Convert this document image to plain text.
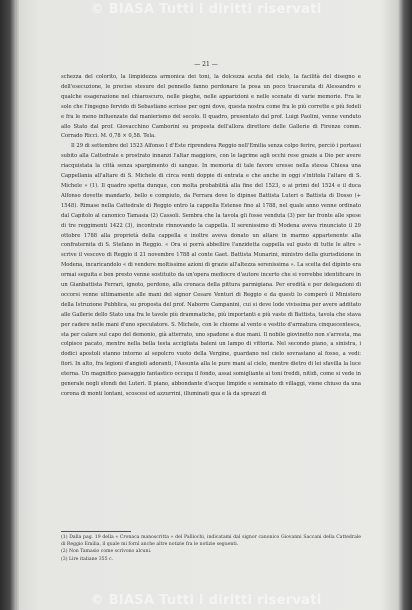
© BIASA Tutti i diritti riservati
— 21 —

schezza del colorito, la limpidezza armonica dei toni, la dolcezza acuta del cielo, la facilità del disegno e dell'esecuzione, le precise stesure del pennello fanno perdonare la posa un poco trascurata di Alessandro e qualche esagerazione nel chiaroscuro, nelle pieghe, nelle apparizioni e nelle scenate di varie memorie. Fra le sole che l'ingegno fervido di Sebastiano scrisse per ogni dove, questa nostra come fra le più corrette e più fedeli e fra le meno influenzate dal manierismo del secolo. Il quadro, presentato dal prof. Luigi Paolini, venne venduto allo Stato dal prof. Giovacchino Camborini su proposta dell'allora direttore delle Gallerie di Firenze comm. Corrado Ricci. M. 0,78 × 0,58. Tela.

Il 29 di settembre del 1523 Alfonso I d'Este riprendeva Reggio nell'Emilia senza colpo ferire, perciò i portassi subito alla Cattedrale e prostrato innanzi l'altar maggiore, con le lagrime agli occhi rese grazie a Dio per avere riacquistata la città senza spargimento di sangue. In memoria di tale favore eresse nella stessa Chiesa una Cappellania all'altare di S. Michele di circa venti doppie di entrata e che anche in oggi s'intitola l'altare di S. Michele » (1). Il quadro spetta dunque, con molta probabilità alla fine del 1523, o ai primi del 1524 e il duca Alfonso dovette mandarlo, bello e compiuto, da Ferrara dove lo dipinse Battista Luteri o Battista di Dosso (+ 1548). Rimase nella Cattedrale di Reggio entro la cappella Estense fino al 1788, nel quale anno venne ordinato dal Capitolo al canonico Tamasia (2) Cassoli. Sembra che la tavola gli fosse venduta (3) per far fronte alle spese di tre reggimenti 1422 (3), incontrate rinnovando la cappella. Il serenissimo di Modena aveva rinunciato il 29 ottobre 1788 alla proprietà della cappella e inoltre aveva donato un altare in marmo appartenente alla confraternita di S. Stefano in Reggio. « Ora si porrà abbellire l'anzidetta cappella sul gusto di tutte le altre » scrive il vescovo di Reggio il 21 novembre 1788 al conte Gaet. Battista Munarini, ministro della giurisdizione in Modena, incaricandolo « di vendere moltissime azioni di grazie all'altezza serenissima ». La scelta del dipinto era ormai seguita e ben presto venne sostituito da un'opera mediocre d'autore incerto che si vorrebbe identificare in un Gianbattista Ferrari, ignoto, perdono, alla cronaca della pittura parmigiana. Per eredità e per delegazioni di occorsi venne ultimamente alle mani del signor Cesare Venturi di Reggio e da questi lo comperò il Ministero della Istruzione Pubblica, su proposta del prof. Naborre Campanini, cui si deve lode vivissima per avere additato alle Gallerie dello Stato una fra le tavole più drammatiche, più importanti e più vaste di Battista, tavola che stava per cadere nelle mani d'uno speculatore. S. Michele, con le chiome al vento e vestito d'armatura cinquecentesca, sta per calare sul capo del demonio, già atterrato, uno spadone a due mani. Il nobile giovinetto non s'arresta, ma colpisce pacato, mentre nella bella testa accigliata baleni un lampo di vittoria. Nel secondo piano, a sinistra, i dodici apostoli stanno intorno al sepolcro vuoto della Vergine, guardano nel cielo sovrastano al fosso, a vedi: fiori. In alto, fra legioni d'angioli adoranti, l'Assunta alla le pure mani al cielo, mentre dietro di lei sfavilla la luce eterna. Un magnifico paesaggio fantastico occupa il fondo, assai somigliante ai toni freddi, nitidi, come si vede in generale negli sfondi dei Luteri. Il piano, abbondante d'acque limpide e seminato di villaggi, viene chiuso da una corona di monti lontani, scoscesi ed azzurrini, illuminati qua e là da sprazzi di

(1) Dalla pag. 19 della « Cronaca manoscritta » del Palliochi, indicatami dal signor canonico Giovanni Saccani della Cattedrale di Reggio Emilia, il quale mi fornì anche altre notizie fra le notizie seguenti.

(2) Non Tamasio come scrivono alcuni.

(3) Lire italiane 355 c.

© BIASA Tutti i diritti riservati
